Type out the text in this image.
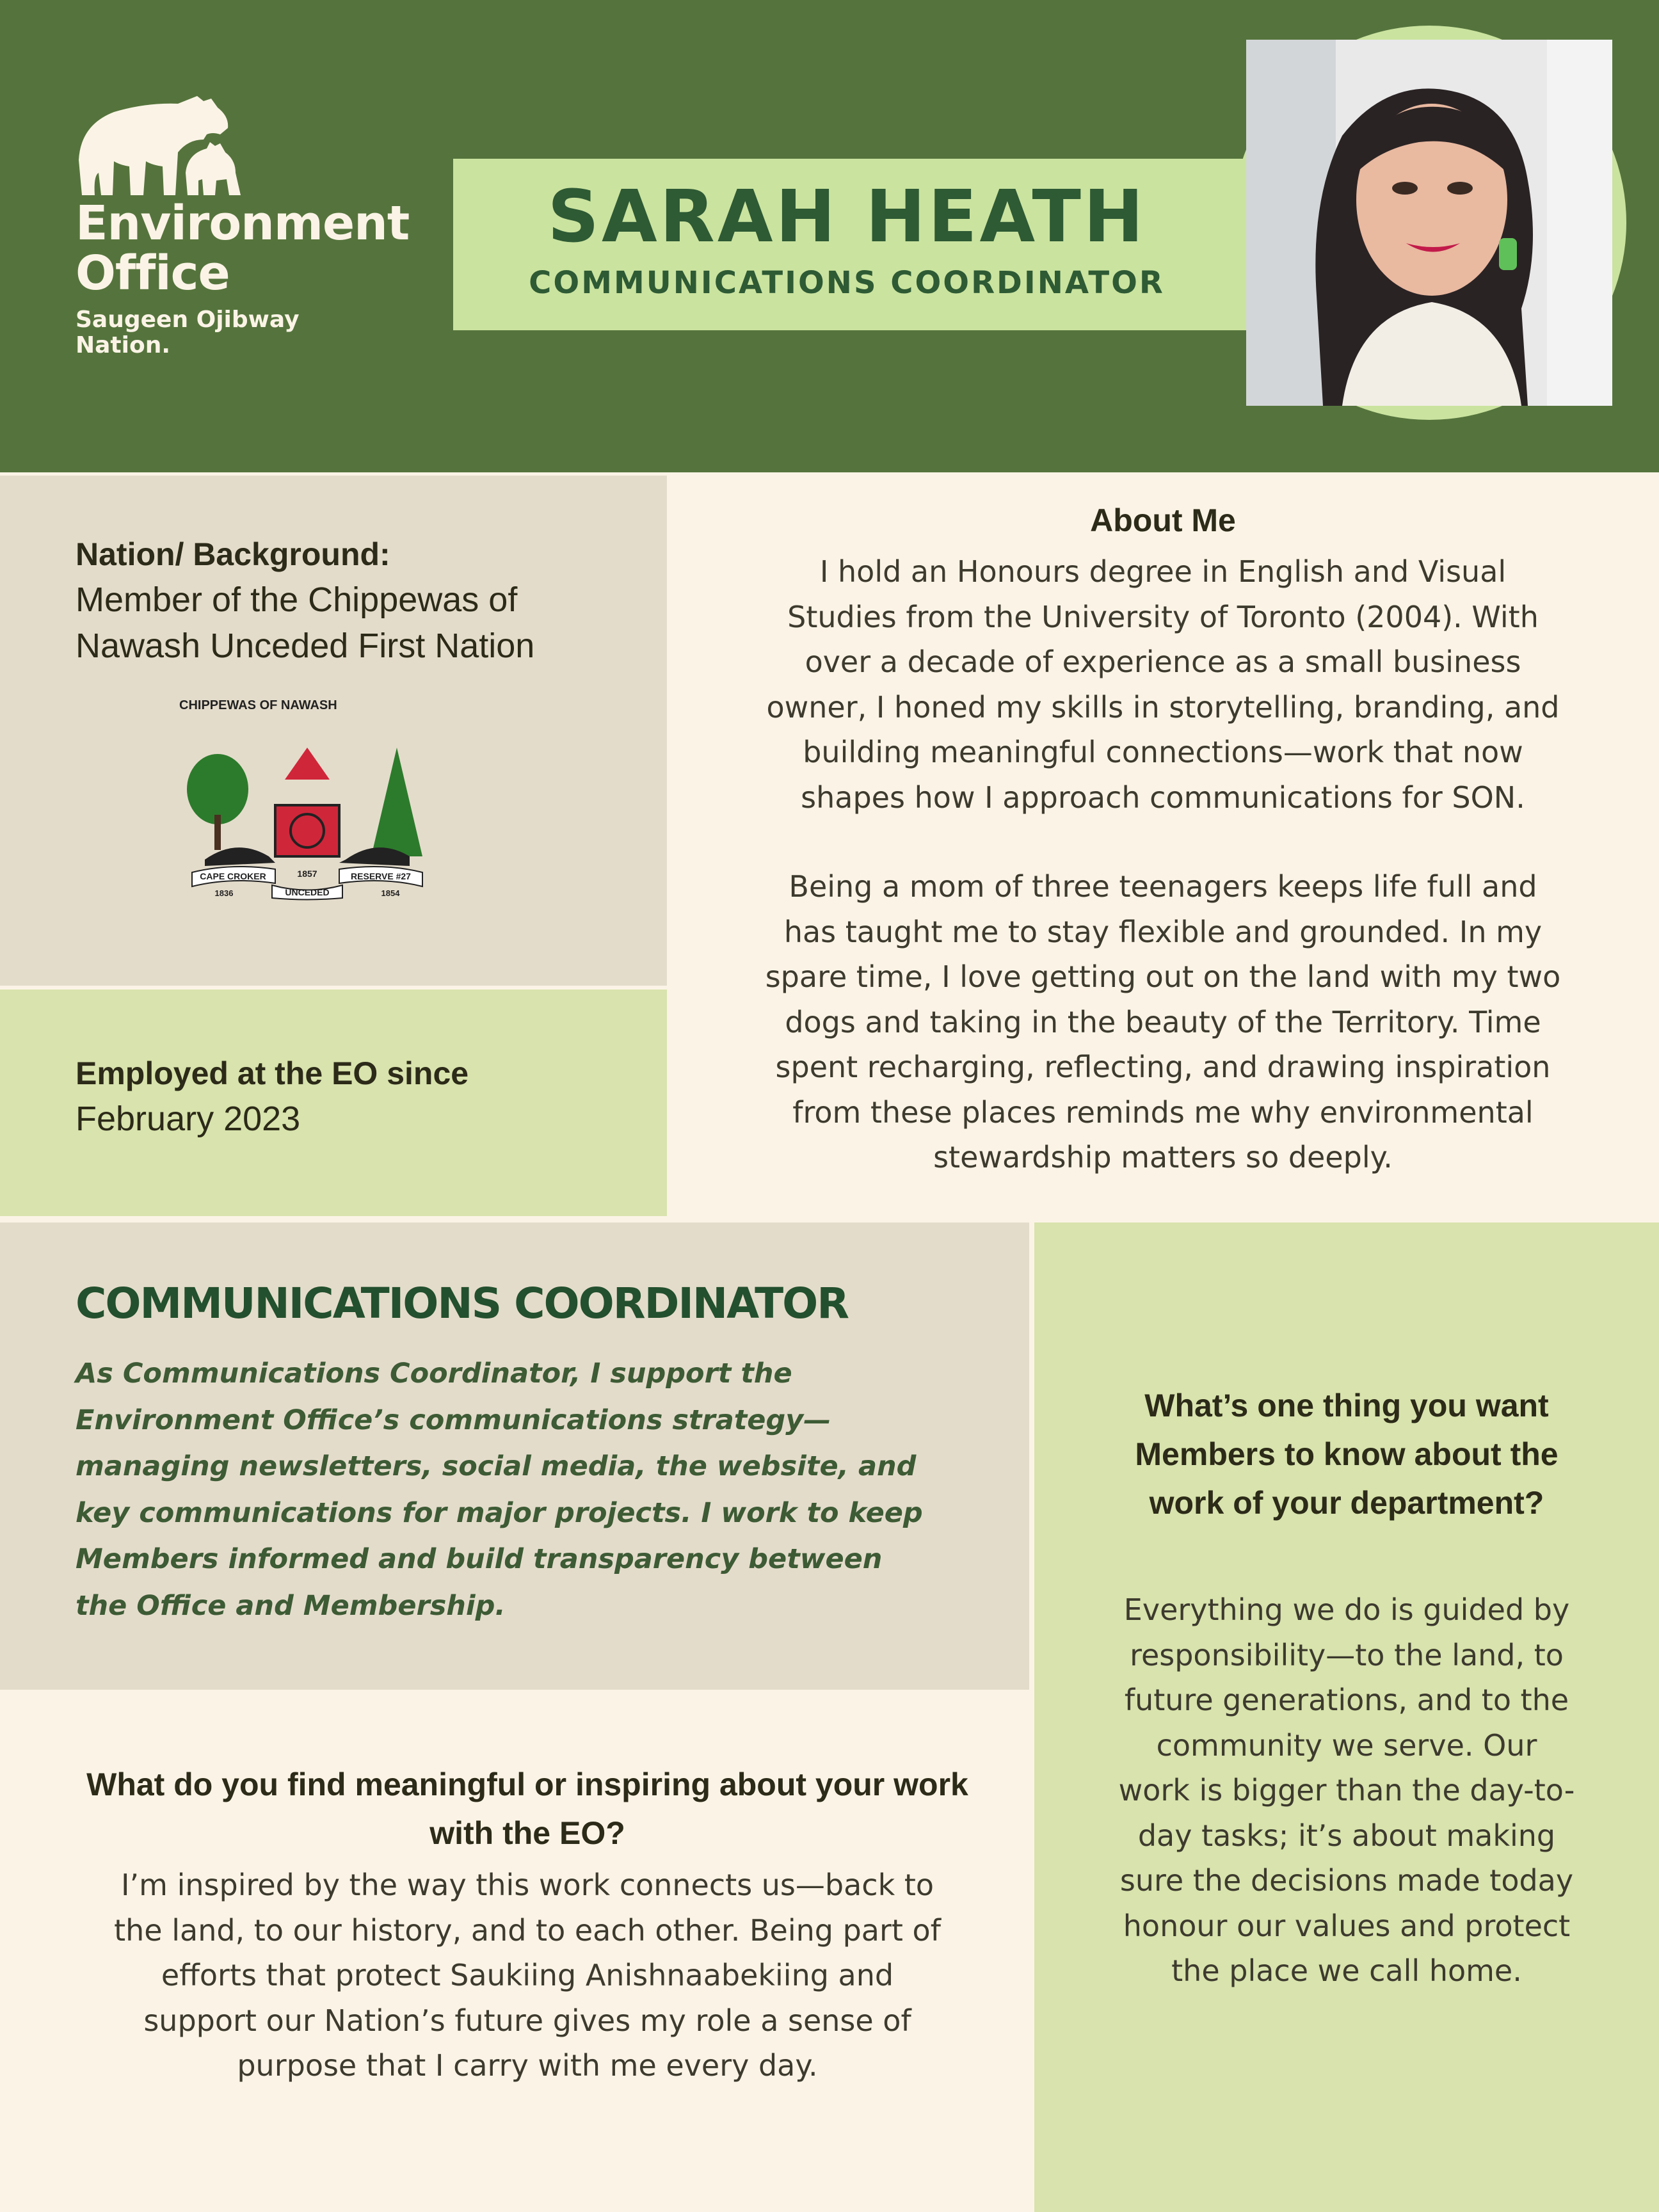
Environment
Office
Saugeen Ojibway
Nation.
SARAH HEATH
COMMUNICATIONS COORDINATOR
Nation/ Background:
Member of the Chippewas of
Nawash Unceded First Nation
CHIPPEWAS OF NAWASH
CAPE CROKER	RESERVE #27
1857
1836	1854
UNCEDED
Employed at the EO since
February 2023
About Me
I hold an Honours degree in English and Visual
Studies from the University of Toronto (2004). With
over a decade of experience as a small business
owner, I honed my skills in storytelling, branding, and
building meaningful connections—work that now
shapes how I approach communications for SON.
Being a mom of three teenagers keeps life full and
has taught me to stay flexible and grounded. In my
spare time, I love getting out on the land with my two
dogs and taking in the beauty of the Territory. Time
spent recharging, reflecting, and drawing inspiration
from these places reminds me why environmental
stewardship matters so deeply.
COMMUNICATIONS COORDINATOR
As Communications Coordinator, I support the
Environment Office’s communications strategy—
managing newsletters, social media, the website, and
key communications for major projects. I work to keep
Members informed and build transparency between
the Office and Membership.
What do you find meaningful or inspiring about your work
with the EO?
I’m inspired by the way this work connects us—back to
the land, to our history, and to each other. Being part of
efforts that protect Saukiing Anishnaabekiing and
support our Nation’s future gives my role a sense of
purpose that I carry with me every day.
What’s one thing you want
Members to know about the
work of your department?
Everything we do is guided by
responsibility—to the land, to
future generations, and to the
community we serve. Our
work is bigger than the day-to-
day tasks; it’s about making
sure the decisions made today
honour our values and protect
the place we call home.
